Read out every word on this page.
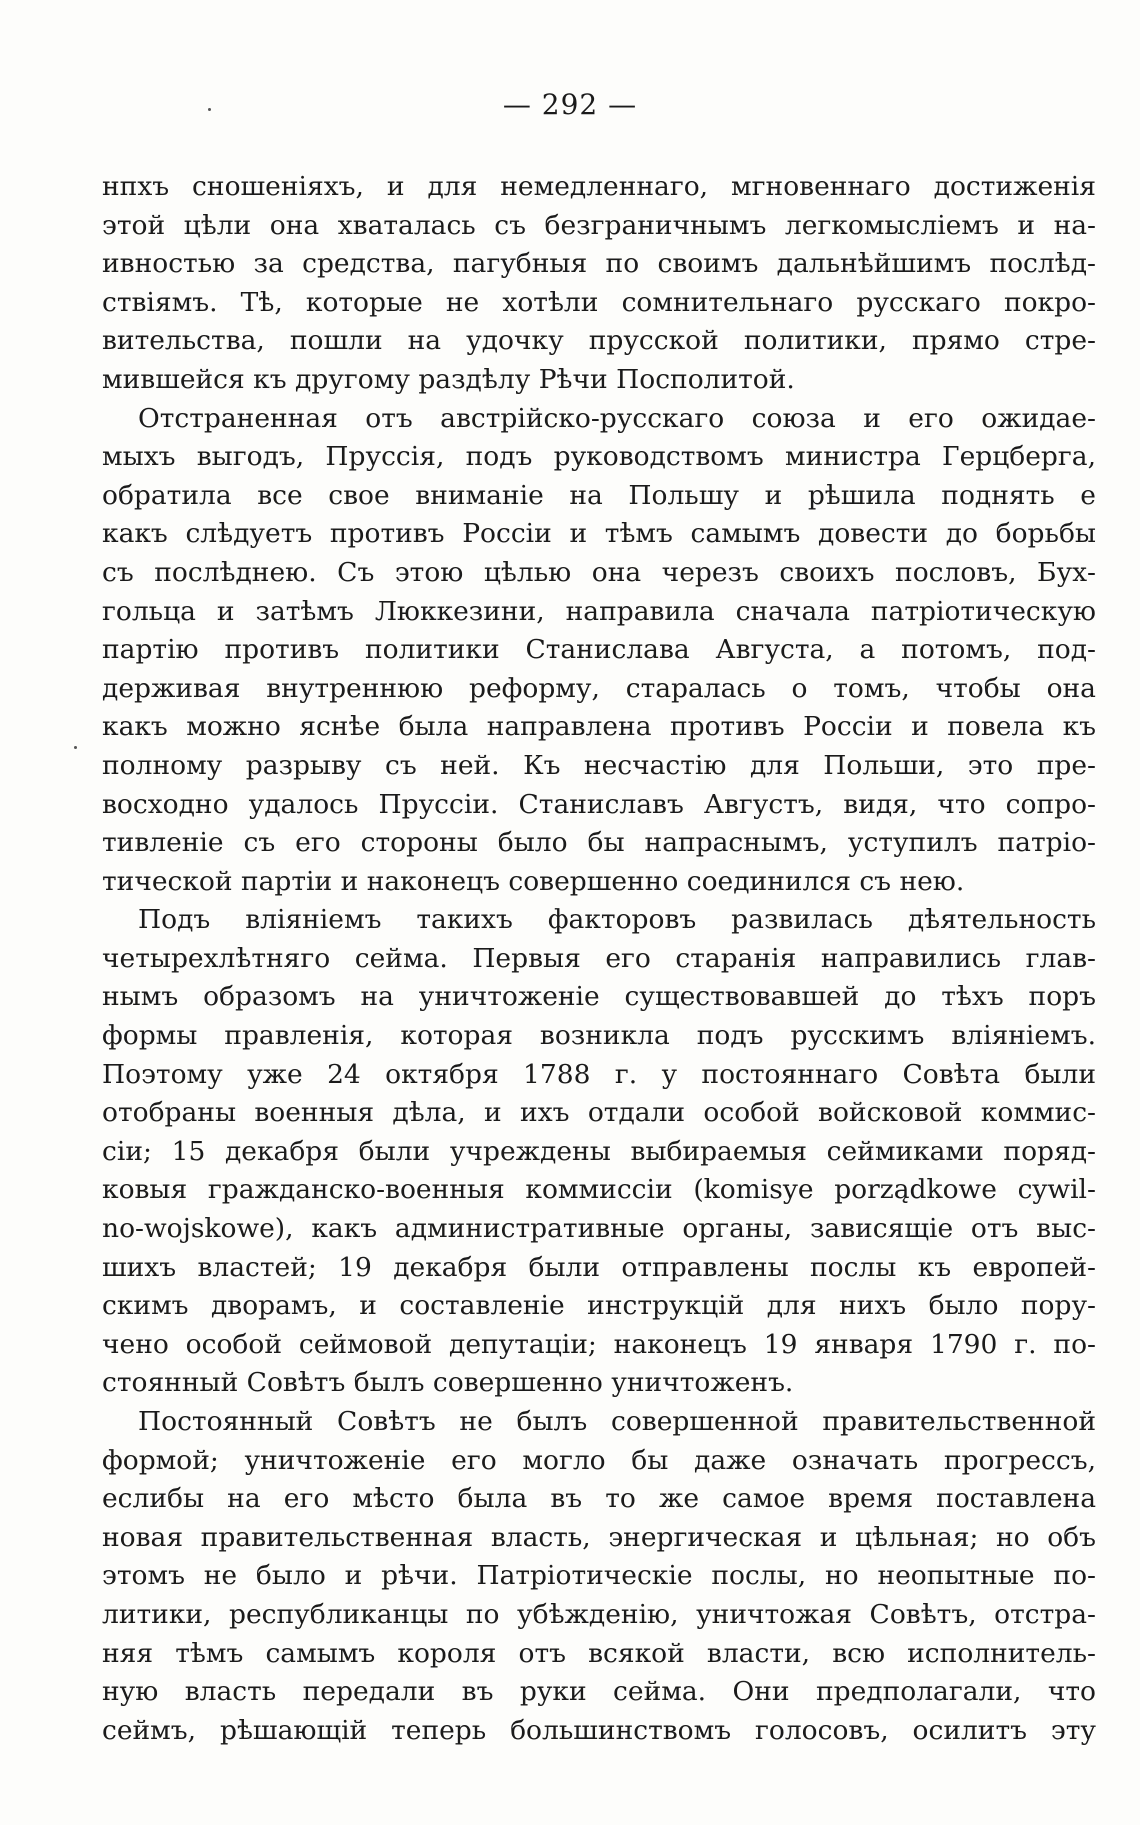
— 292 —
нпхъ сношеніяхъ, и для немедленнаго, мгновеннаго достиженія
этой цѣли она хваталась съ безграничнымъ легкомысліемъ и на-
ивностью за средства, пагубныя по своимъ дальнѣйшимъ послѣд-
ствіямъ. Тѣ, которые не хотѣли сомнительнаго русскаго покро-
вительства, пошли на удочку прусской политики, прямо стре-
мившейся къ другому раздѣлу Рѣчи Посполитой.
Отстраненная отъ австрійско-русскаго союза и его ожидае-
мыхъ выгодъ, Пруссія, подъ руководствомъ министра Герцберга,
обратила все свое вниманіе на Польшу и рѣшила поднять е
какъ слѣдуетъ противъ Россіи и тѣмъ самымъ довести до борьбы
съ послѣднею. Съ этою цѣлью она черезъ своихъ пословъ, Бух-
гольца и затѣмъ Люккезини, направила сначала патріотическую
партію противъ политики Станислава Августа, а потомъ, под-
держивая внутреннюю реформу, старалась о томъ, чтобы она
какъ можно яснѣе была направлена противъ Россіи и повела къ
полному разрыву съ ней. Къ несчастію для Польши, это пре-
восходно удалось Пруссіи. Станиславъ Августъ, видя, что сопро-
тивленіе съ его стороны было бы напраснымъ, уступилъ патріо-
тической партіи и наконецъ совершенно соединился съ нею.
Подъ вліяніемъ такихъ факторовъ развилась дѣятельность
четырехлѣтняго сейма. Первыя его старанія направились глав-
нымъ образомъ на уничтоженіе существовавшей до тѣхъ поръ
формы правленія, которая возникла подъ русскимъ вліяніемъ.
Поэтому уже 24 октября 1788 г. у постояннаго Совѣта были
отобраны военныя дѣла, и ихъ отдали особой войсковой коммис-
сіи; 15 декабря были учреждены выбираемыя сеймиками поряд-
ковыя гражданско-военныя коммиссіи (komisye porządkowe cywil-
no-wojskowe), какъ административные органы, зависящіе отъ выс-
шихъ властей; 19 декабря были отправлены послы къ европей-
скимъ дворамъ, и составленіе инструкцій для нихъ было пору-
чено особой сеймовой депутаціи; наконецъ 19 января 1790 г. по-
стоянный Совѣтъ былъ совершенно уничтоженъ.
Постоянный Совѣтъ не былъ совершенной правительственной
формой; уничтоженіе его могло бы даже означать прогрессъ,
еслибы на его мѣсто была въ то же самое время поставлена
новая правительственная власть, энергическая и цѣльная; но объ
этомъ не было и рѣчи. Патріотическіе послы, но неопытные по-
литики, республиканцы по убѣжденію, уничтожая Совѣтъ, отстра-
няя тѣмъ самымъ короля отъ всякой власти, всю исполнитель-
ную власть передали въ руки сейма. Они предполагали, что
сеймъ, рѣшающій теперь большинствомъ голосовъ, осилитъ эту
